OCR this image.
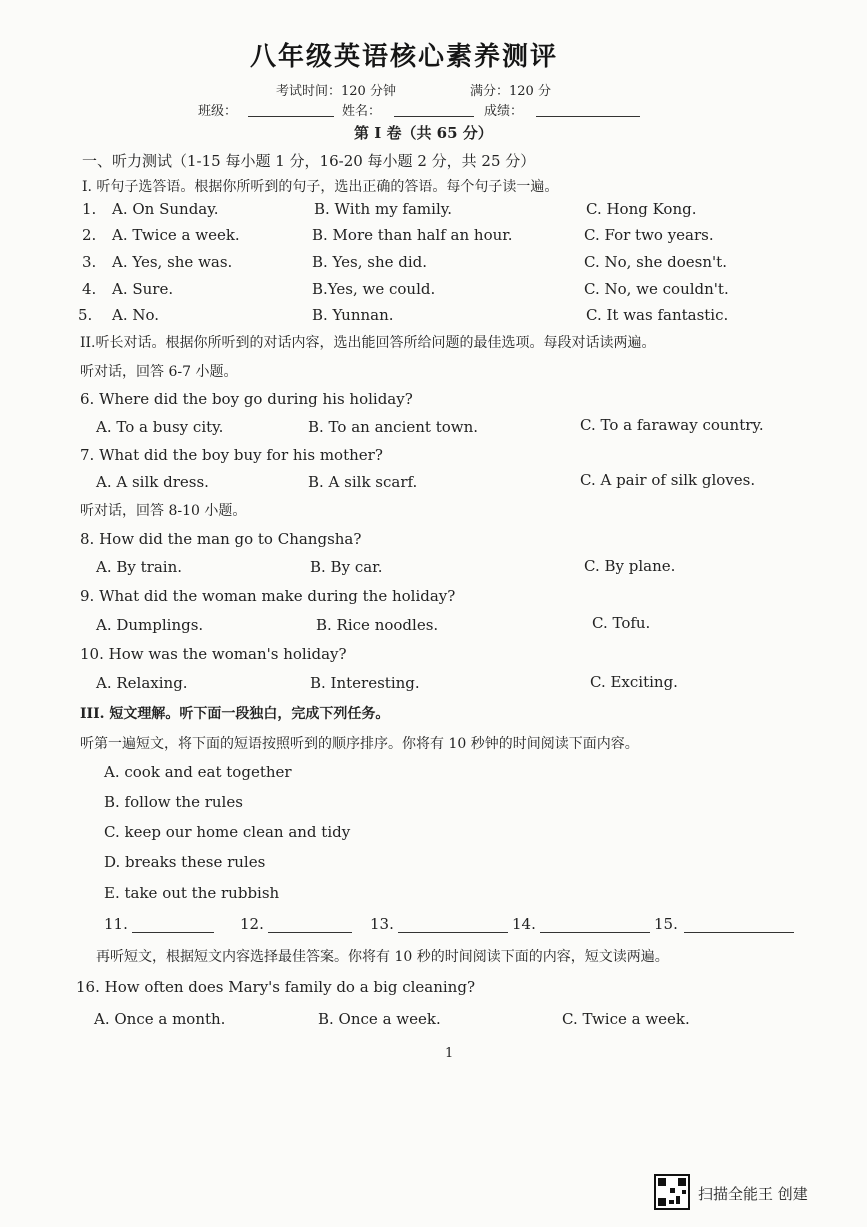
八年级英语核心素养测评
考试时间：120 分钟	满分：120 分
班级：	姓名：	成绩：
第 I 卷（共 65 分）
一、听力测试（1-15 每小题 1 分，16-20 每小题 2 分，共 25 分）
I. 听句子选答语。根据你所听到的句子，选出正确的答语。每个句子读一遍。
1. A. On Sunday.	B. With my family.	C. Hong Kong.
2. A. Twice a week.	B. More than half an hour.	C. For two years.
3. A. Yes, she was.	B. Yes, she did.	C. No, she doesn't.
4. A. Sure.	B.Yes, we could.	C. No, we couldn't.
5. A. No.	B. Yunnan.	C. It was fantastic.
II.听长对话。根据你所听到的对话内容，选出能回答所给问题的最佳选项。每段对话读两遍。
听对话，回答 6-7 小题。
6. Where did the boy go during his holiday?
A. To a busy city.	B. To an ancient town.	C. To a faraway country.
7. What did the boy buy for his mother?
A. A silk dress.	B. A silk scarf.	C. A pair of silk gloves.
听对话，回答 8-10 小题。
8. How did the man go to Changsha?
A. By train.	B. By car.	C. By plane.
9. What did the woman make during the holiday?
A. Dumplings.	B. Rice noodles.	C. Tofu.
10. How was the woman's holiday?
A. Relaxing.	B. Interesting.	C. Exciting.
III. 短文理解。听下面一段独白，完成下列任务。
听第一遍短文，将下面的短语按照听到的顺序排序。你将有 10 秒钟的时间阅读下面内容。
A. cook and eat together
B. follow the rules
C. keep our home clean and tidy
D. breaks these rules
E. take out the rubbish
11.	12.	13.	14.	15.
再听短文，根据短文内容选择最佳答案。你将有 10 秒的时间阅读下面的内容，短文读两遍。
16. How often does Mary's family do a big cleaning?
A. Once a month.	B. Once a week.	C. Twice a week.
1
扫描全能王 创建
